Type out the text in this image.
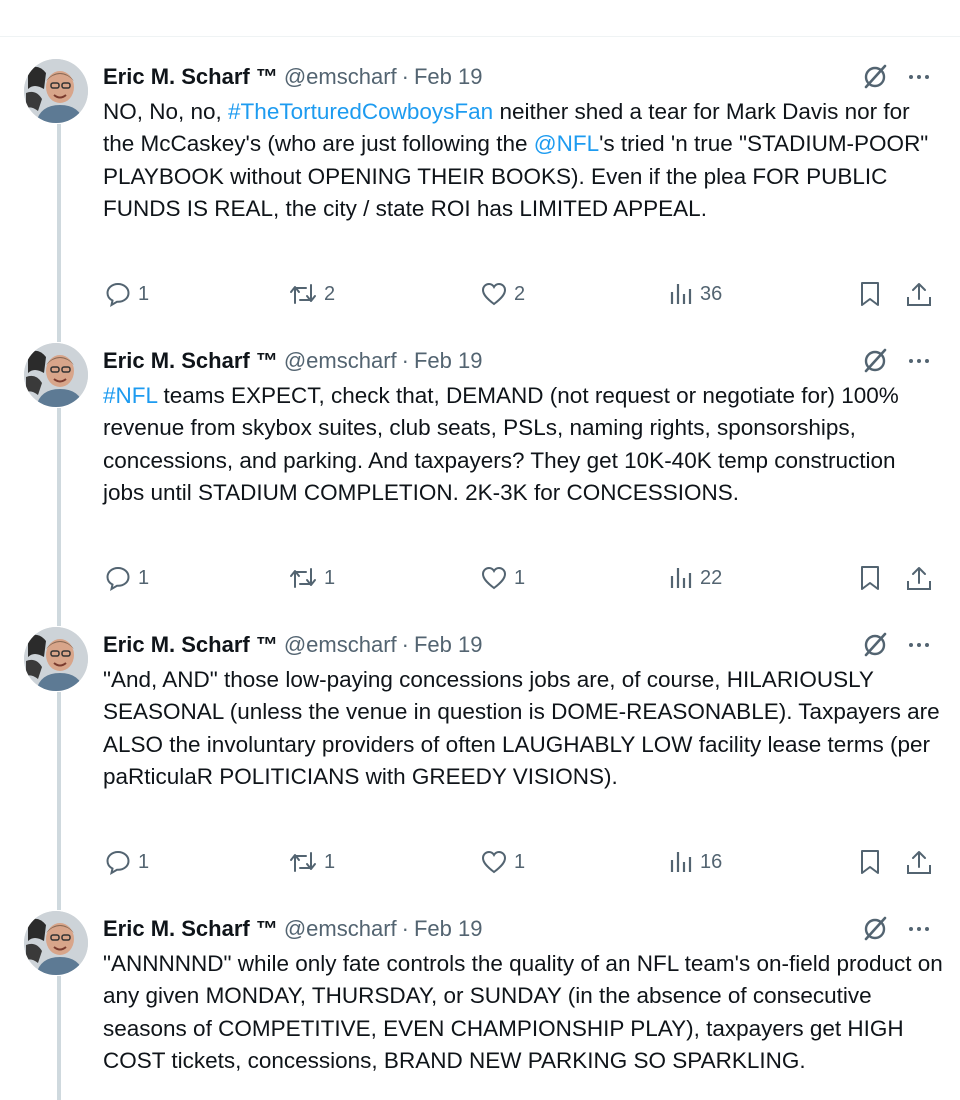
Eric M. Scharf ™ @emscharf · Feb 19
NO, No, no, #TheTorturedCowboysFan neither shed a tear for Mark Davis nor for the McCaskey's (who are just following the @NFL's tried 'n true "STADIUM-POOR" PLAYBOOK without OPENING THEIR BOOKS). Even if the plea FOR PUBLIC FUNDS IS REAL, the city / state ROI has LIMITED APPEAL.
1	2	2	36
Eric M. Scharf ™ @emscharf · Feb 19
#NFL teams EXPECT, check that, DEMAND (not request or negotiate for) 100% revenue from skybox suites, club seats, PSLs, naming rights, sponsorships, concessions, and parking. And taxpayers? They get 10K-40K temp construction jobs until STADIUM COMPLETION. 2K-3K for CONCESSIONS.
1	1	1	22
Eric M. Scharf ™ @emscharf · Feb 19
"And, AND" those low-paying concessions jobs are, of course, HILARIOUSLY SEASONAL (unless the venue in question is DOME-REASONABLE). Taxpayers are ALSO the involuntary providers of often LAUGHABLY LOW facility lease terms (per paRticulaR POLITICIANS with GREEDY VISIONS).
1	1	1	16
Eric M. Scharf ™ @emscharf · Feb 19
"ANNNNND" while only fate controls the quality of an NFL team's on-field product on any given MONDAY, THURSDAY, or SUNDAY (in the absence of consecutive seasons of COMPETITIVE, EVEN CHAMPIONSHIP PLAY), taxpayers get HIGH COST tickets, concessions, BRAND NEW PARKING SO SPARKLING.
